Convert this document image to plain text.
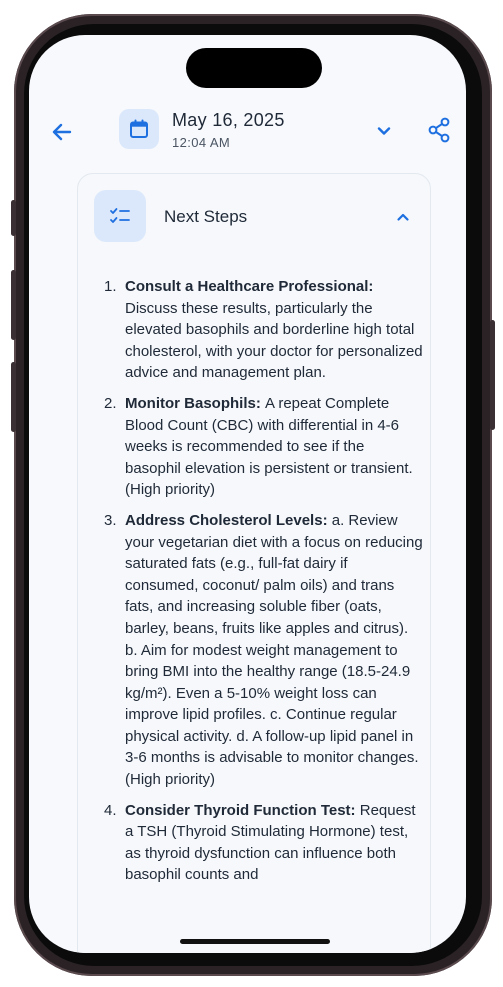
May 16, 2025
12:04 AM
Next Steps
1. Consult a Healthcare Professional: Discuss these results, particularly the elevated basophils and borderline high total cholesterol, with your doctor for personalized advice and management plan.
2. Monitor Basophils: A repeat Complete Blood Count (CBC) with differential in 4-6 weeks is recommended to see if the basophil elevation is persistent or transient. (High priority)
3. Address Cholesterol Levels: a. Review your vegetarian diet with a focus on reducing saturated fats (e.g., full-fat dairy if consumed, coconut/ palm oils) and trans fats, and increasing soluble fiber (oats, barley, beans, fruits like apples and citrus). b. Aim for modest weight management to bring BMI into the healthy range (18.5-24.9 kg/m²). Even a 5-10% weight loss can improve lipid profiles. c. Continue regular physical activity. d. A follow-up lipid panel in 3-6 months is advisable to monitor changes. (High priority)
4. Consider Thyroid Function Test: Request a TSH (Thyroid Stimulating Hormone) test, as thyroid dysfunction can influence both basophil counts and
